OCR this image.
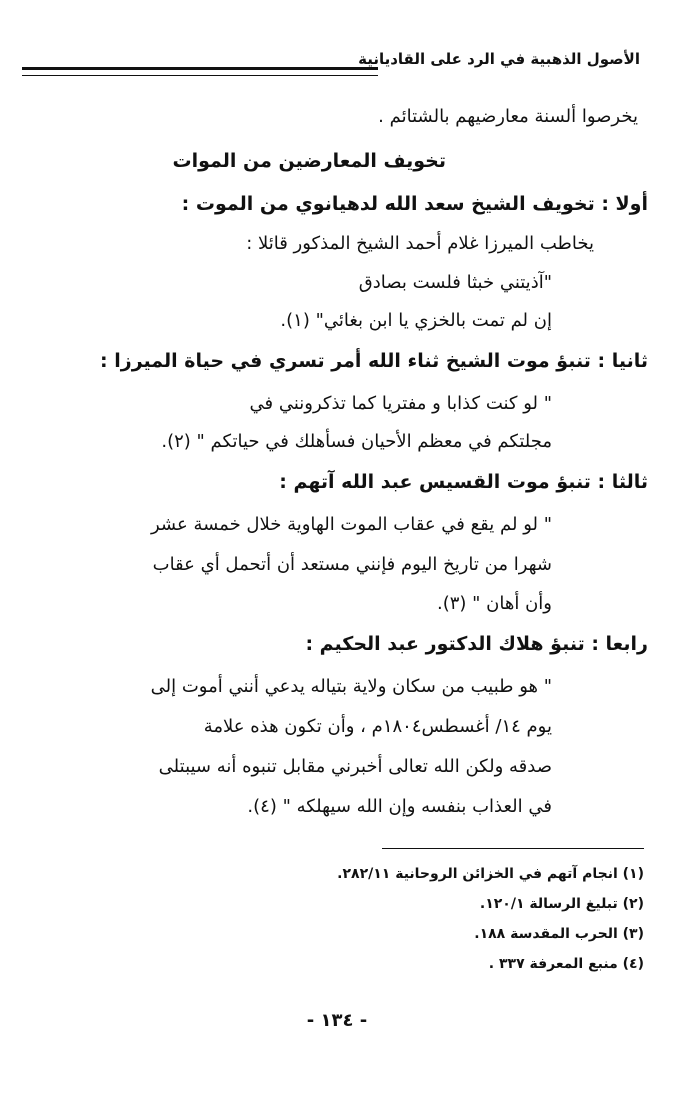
الأصول الذهبية في الرد على القاديانية
يخرصوا ألسنة معارضيهم بالشتائم .
تخويف المعارضين من الموات
أولا : تخويف الشيخ سعد الله لدهيانوي من الموت :
يخاطب الميرزا غلام أحمد الشيخ المذكور قائلا :
"آذيتني خبثا فلست بصادق
إن لم تمت بالخزي يا ابن بغائي" (١).
ثانيا : تنبؤ موت الشيخ ثناء الله أمر تسري في حياة الميرزا :
" لو كنت كذابا و مفتريا كما تذكرونني في
مجلتكم في معظم الأحيان فسأهلك في حياتكم " (٢).
ثالثا : تنبؤ موت القسيس عبد الله آتهم :
" لو لم يقع في عقاب الموت الهاوية خلال خمسة عشر
شهرا من تاريخ اليوم فإنني مستعد أن أتحمل أي عقاب
وأن أهان " (٣).
رابعا : تنبؤ هلاك الدكتور عبد الحكيم :
" هو طبيب من سكان ولاية بتياله يدعي أنني أموت إلى
يوم ١٤/ أغسطس١٨٠٤م ، وأن تكون هذه علامة
صدقه ولكن الله تعالى أخبرني مقابل تنبوه أنه سيبتلى
في العذاب بنفسه وإن الله سيهلكه " (٤).
(١) انجام آتهم في الخزائن الروحانية ٢٨٢/١١.
(٢) تبليغ الرسالة ١٢٠/١.
(٣) الحرب المقدسة ١٨٨.
(٤) منبع المعرفة ٣٣٧ .
- ١٣٤ -
